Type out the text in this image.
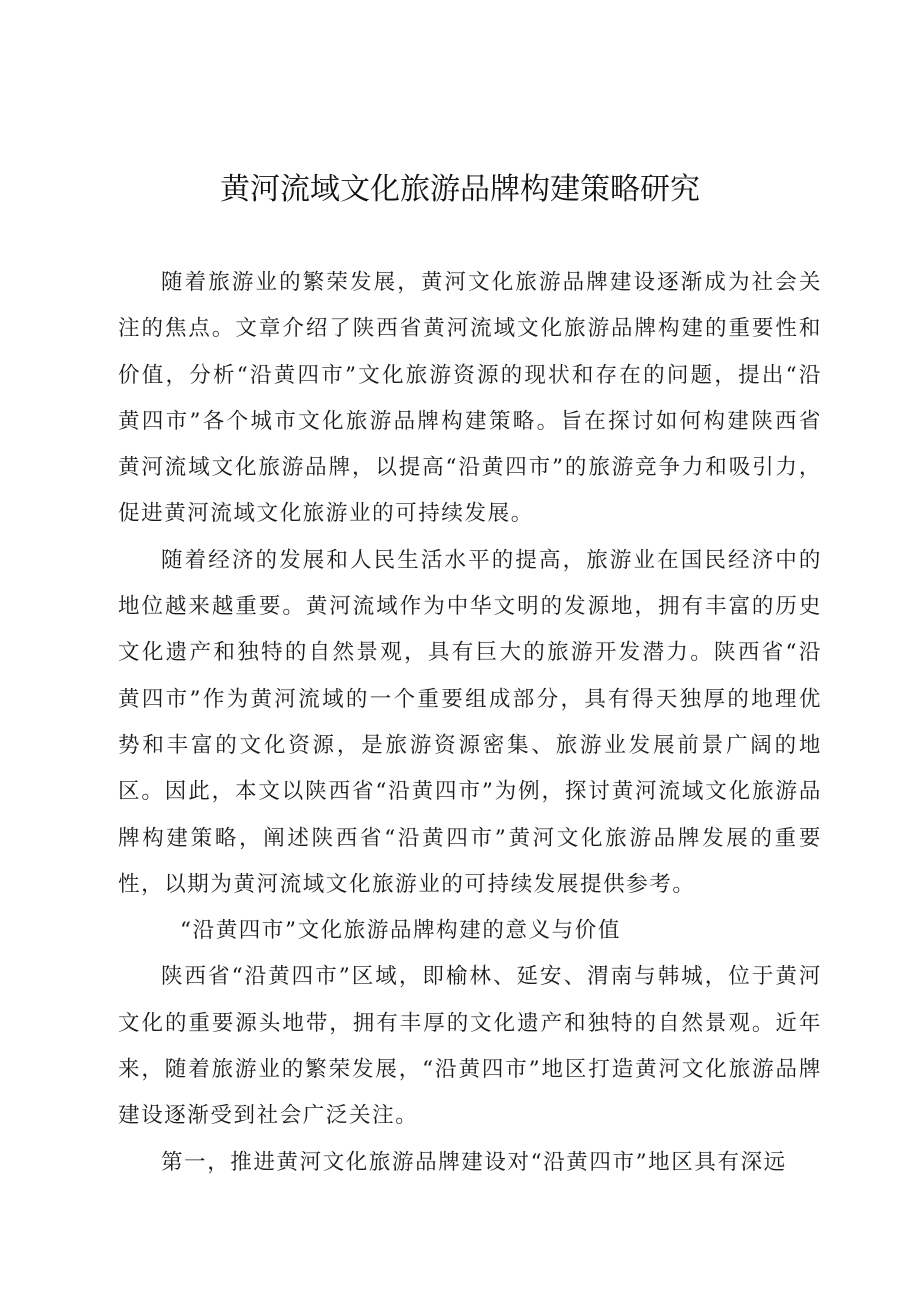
黄河流域文化旅游品牌构建策略研究

随着旅游业的繁荣发展，黄河文化旅游品牌建设逐渐成为社会关注的焦点。文章介绍了陕西省黄河流域文化旅游品牌构建的重要性和价值，分析“沿黄四市”文化旅游资源的现状和存在的问题，提出“沿黄四市”各个城市文化旅游品牌构建策略。旨在探讨如何构建陕西省黄河流域文化旅游品牌，以提高“沿黄四市”的旅游竞争力和吸引力，促进黄河流域文化旅游业的可持续发展。

随着经济的发展和人民生活水平的提高，旅游业在国民经济中的地位越来越重要。黄河流域作为中华文明的发源地，拥有丰富的历史文化遗产和独特的自然景观，具有巨大的旅游开发潜力。陕西省“沿黄四市”作为黄河流域的一个重要组成部分，具有得天独厚的地理优势和丰富的文化资源，是旅游资源密集、旅游业发展前景广阔的地区。因此，本文以陕西省“沿黄四市”为例，探讨黄河流域文化旅游品牌构建策略，阐述陕西省“沿黄四市”黄河文化旅游品牌发展的重要性，以期为黄河流域文化旅游业的可持续发展提供参考。

“沿黄四市”文化旅游品牌构建的意义与价值

陕西省“沿黄四市”区域，即榆林、延安、渭南与韩城，位于黄河文化的重要源头地带，拥有丰厚的文化遗产和独特的自然景观。近年来，随着旅游业的繁荣发展，“沿黄四市”地区打造黄河文化旅游品牌建设逐渐受到社会广泛关注。

第一，推进黄河文化旅游品牌建设对“沿黄四市”地区具有深远
